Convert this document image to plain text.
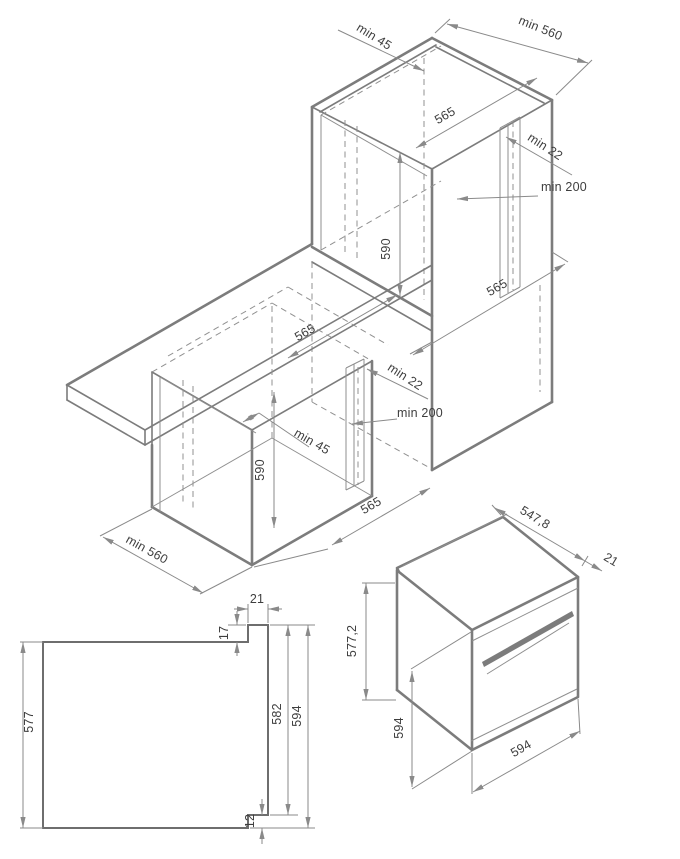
min 45	min 560
565
min 22
min 200
590
565
565
min 22
min 200
min 45
590
565
min 560
21
17
577	582 594
12
547,8
21
577,2
594
594
